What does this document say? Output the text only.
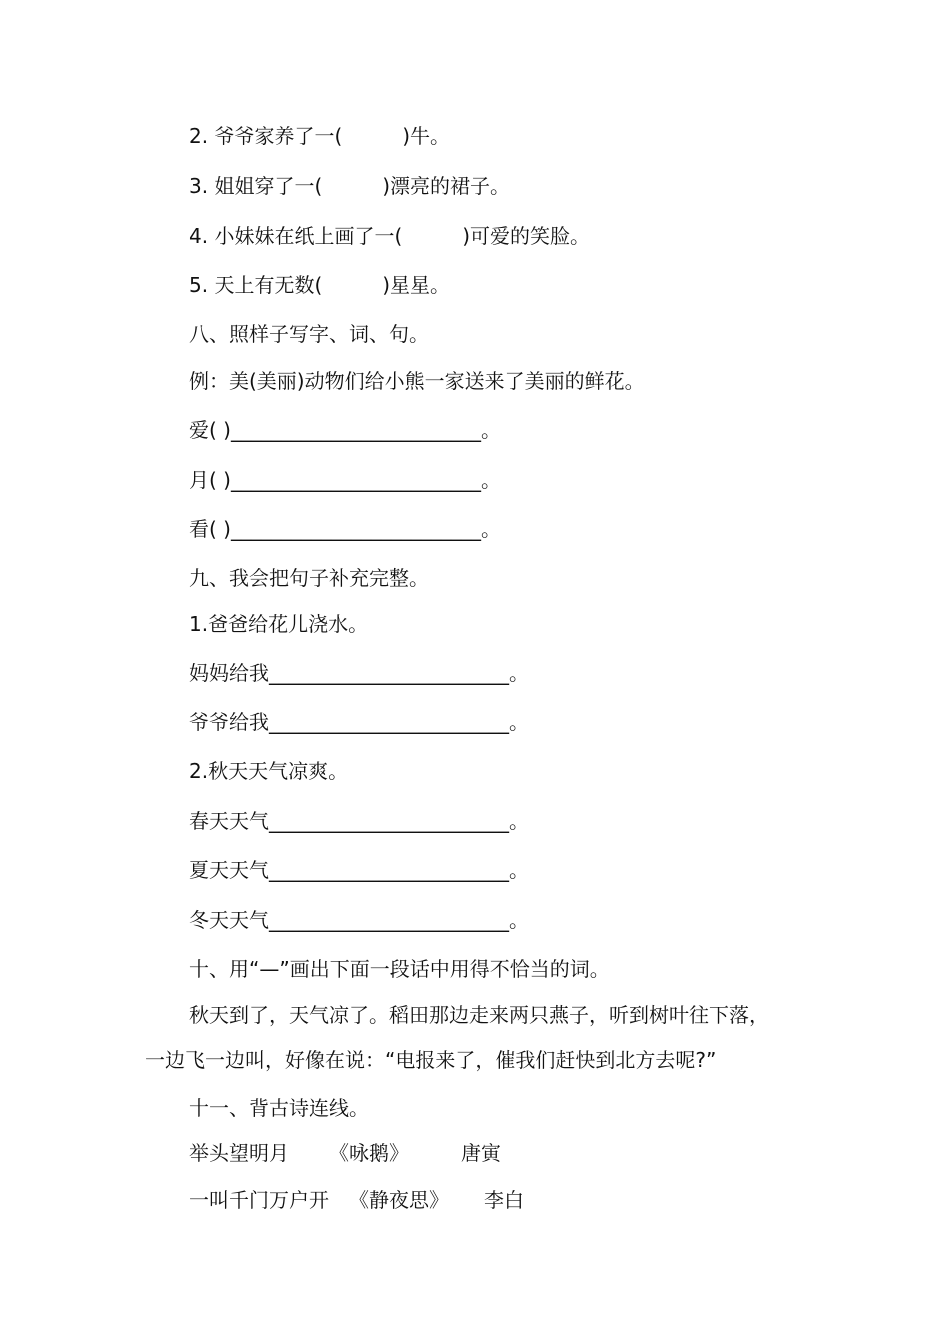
2. 爷爷家养了一(　　　)牛。

3. 姐姐穿了一(　　　)漂亮的裙子。

4. 小妹妹在纸上画了一(　　　)可爱的笑脸。

5. 天上有无数(　　　)星星。

八、照样子写字、词、句。

例：美(美丽)动物们给小熊一家送来了美丽的鲜花。

爱( )_________________________。

月( )_________________________。

看( )_________________________。

九、我会把句子补充完整。

1.爸爸给花儿浇水。

妈妈给我________________________。

爷爷给我________________________。

2.秋天天气凉爽。

春天天气________________________。

夏天天气________________________。

冬天天气________________________。

十、用“—”画出下面一段话中用得不恰当的词。

秋天到了，天气凉了。稻田那边走来两只燕子，听到树叶往下落，

一边飞一边叫，好像在说：“电报来了，催我们赶快到北方去呢?”

十一、背古诗连线。

举头望明月 《咏鹅》	唐寅

一叫千门万户开 《静夜思》 李白
